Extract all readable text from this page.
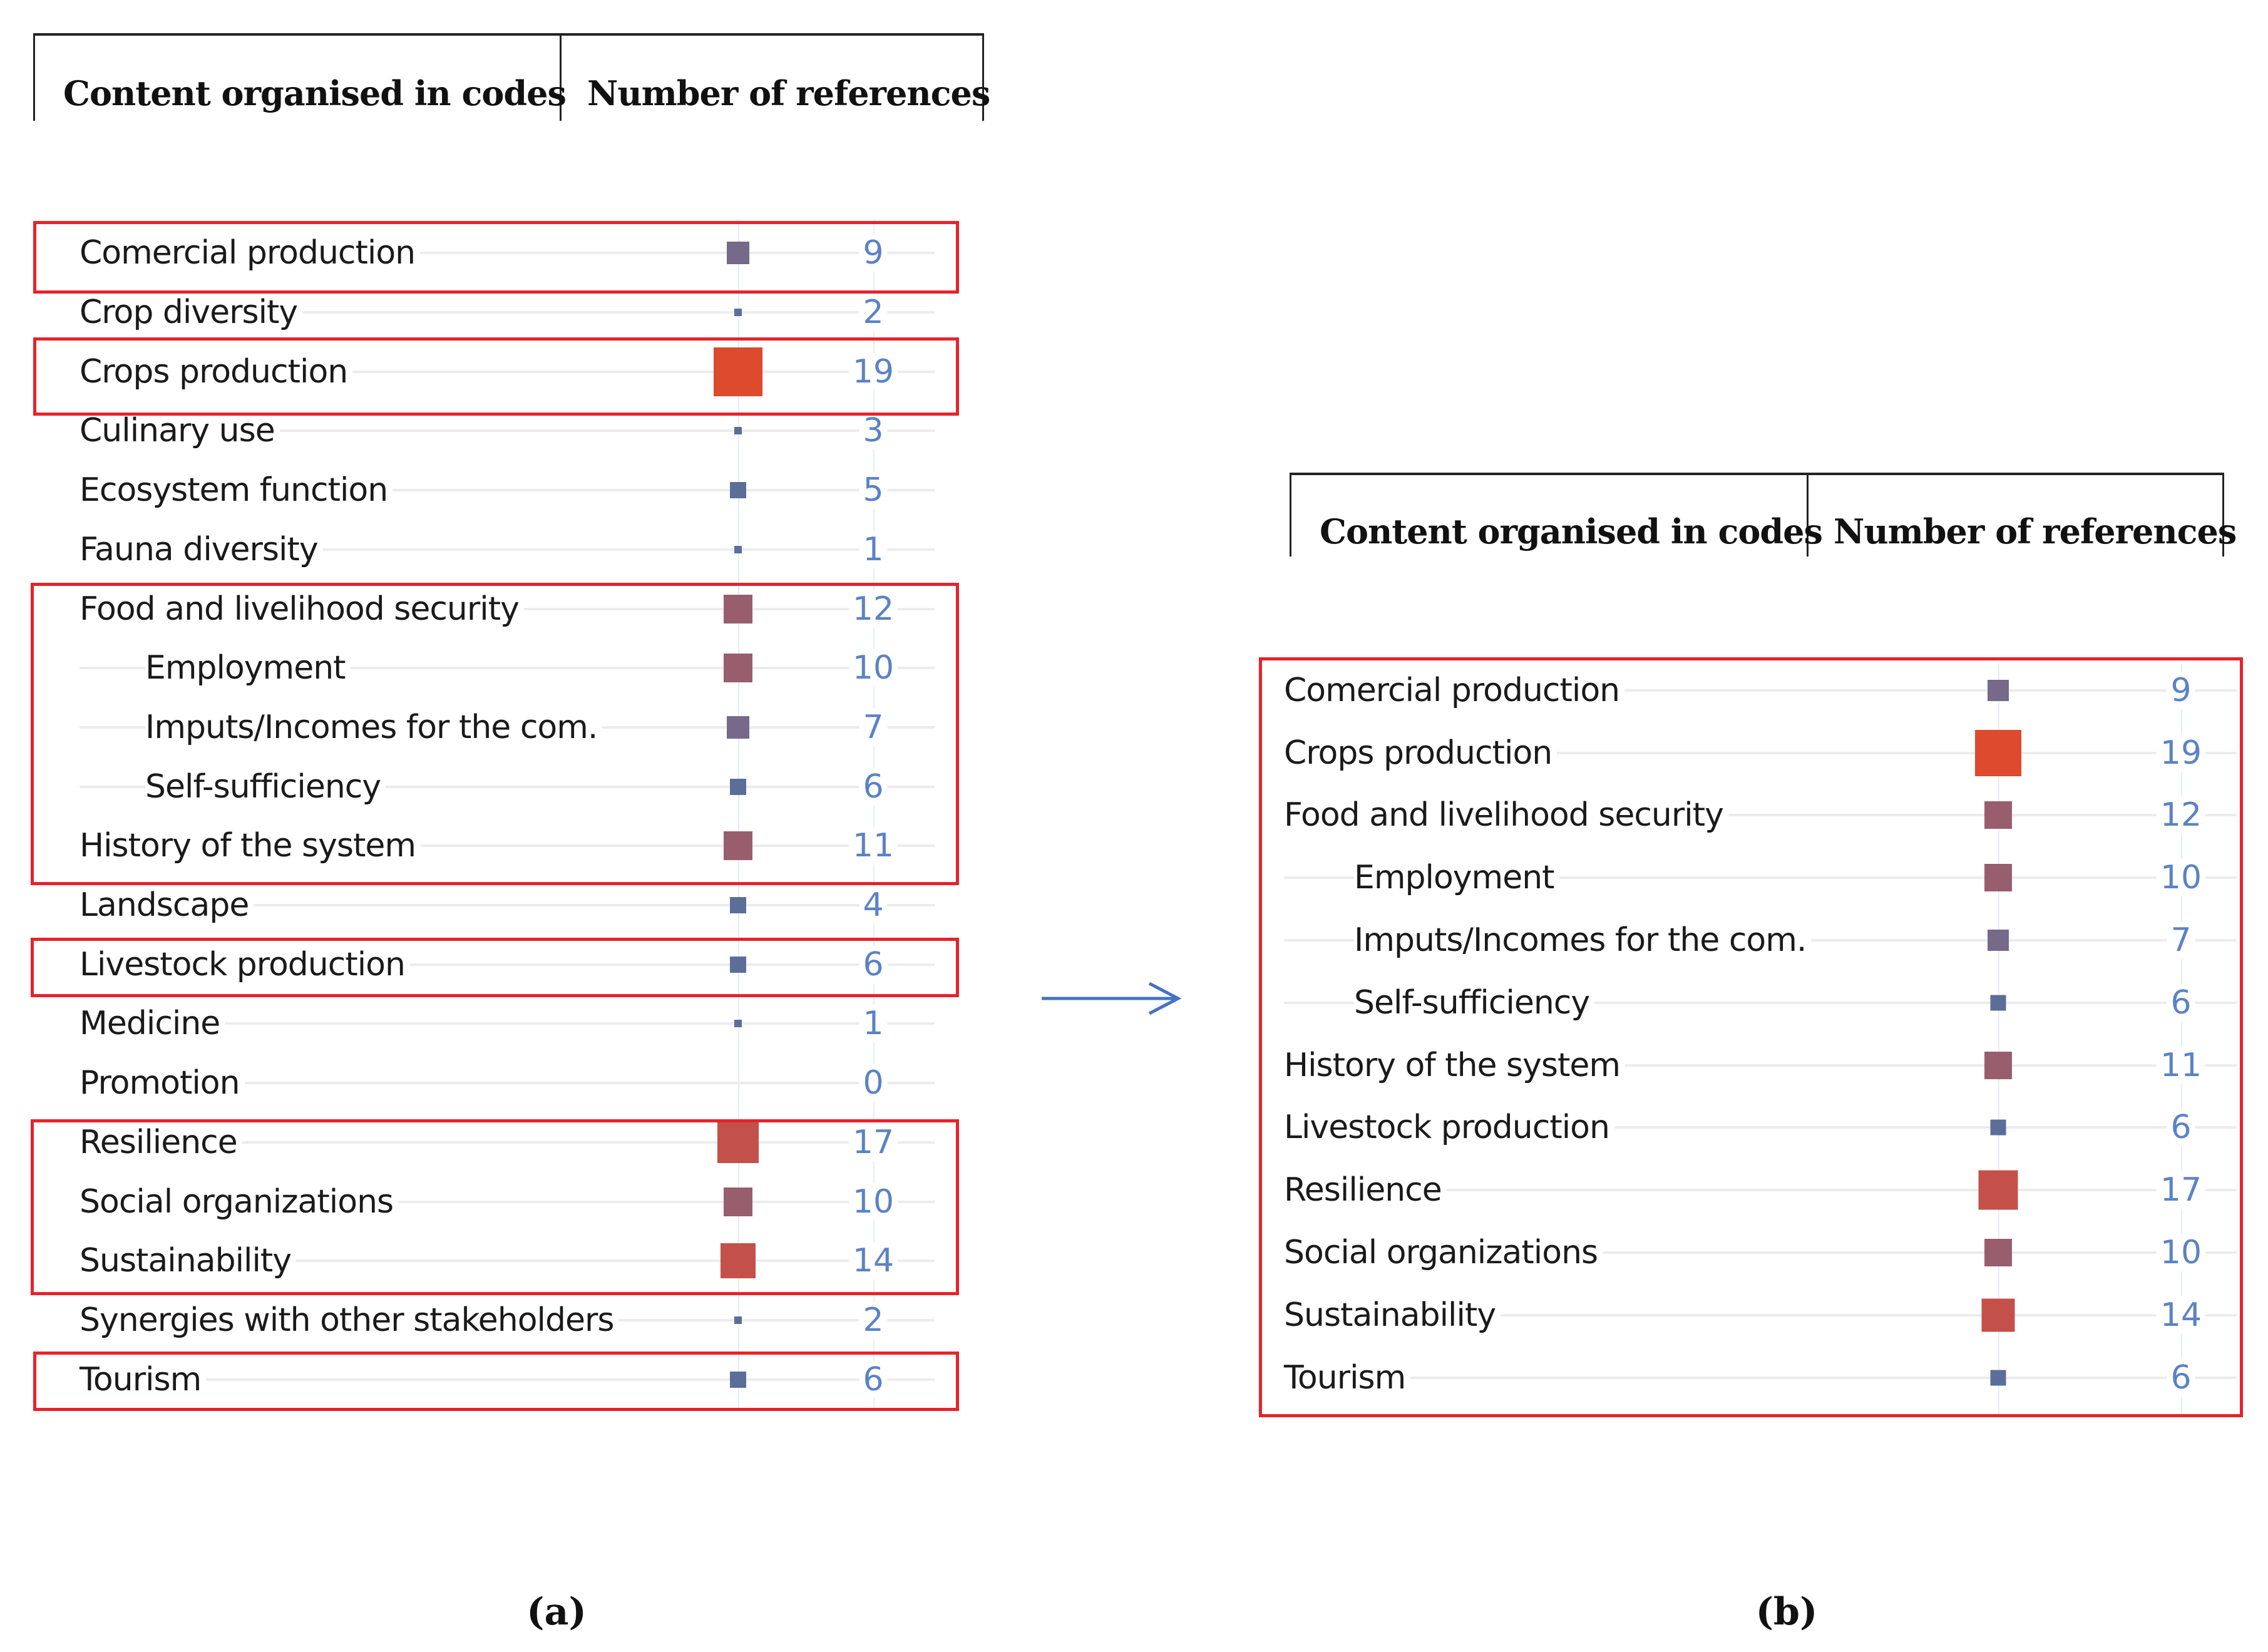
Content organised in codes Number of references
Comercial production	9
Crop diversity	2
Crops production	19
Culinary use	3
Ecosystem function	5
Fauna diversity	1
Food and livelihood security	12
Employment	10
Imputs/Incomes for the com.	7
Self-sufficiency	6
History of the system	11
Landscape	4
Livestock production	6
Medicine	1
Promotion	0
Resilience	17
Social organizations	10
Sustainability	14
Synergies with other stakeholders	2
Tourism	6
Content organised in codes Number of references
Comercial production	9
Crops production	19
Food and livelihood security	12
Employment	10
Imputs/Incomes for the com.	7
Self-sufficiency	6
History of the system	11
Livestock production	6
Resilience	17
Social organizations	10
Sustainability	14
Tourism	6
(a)	(b)
